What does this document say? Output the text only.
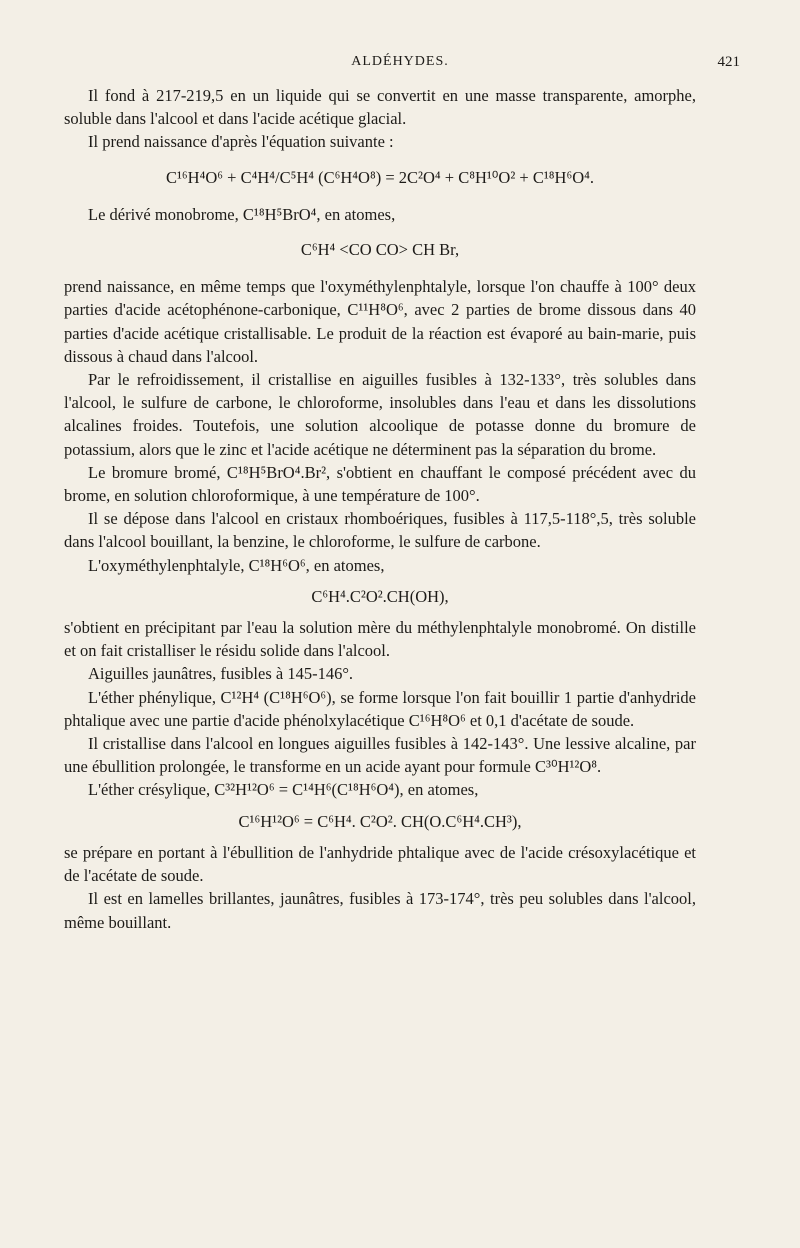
ALDÉHYDES.	421

Il fond à 217-219,5 en un liquide qui se convertit en une masse transparente, amorphe, soluble dans l'alcool et dans l'acide acétique glacial.

Il prend naissance d'après l'équation suivante :

C¹⁶H⁴O⁶ + C⁴H⁴/C⁵H⁴ (C⁶H⁴O⁸) = 2C²O⁴ + C⁸H¹⁰O² + C¹⁸H⁶O⁴.

Le dérivé monobrome, C¹⁸H⁵BrO⁴, en atomes,

C⁶H⁴ <CO CO> CH Br,

prend naissance, en même temps que l'oxyméthylenphtalyle, lorsque l'on chauffe à 100° deux parties d'acide acétophénone-carbonique, C¹¹H⁸O⁶, avec 2 parties de brome dissous dans 40 parties d'acide acétique cristallisable. Le produit de la réaction est évaporé au bain-marie, puis dissous à chaud dans l'alcool.

Par le refroidissement, il cristallise en aiguilles fusibles à 132-133°, très solubles dans l'alcool, le sulfure de carbone, le chloroforme, insolubles dans l'eau et dans les dissolutions alcalines froides. Toutefois, une solution alcoolique de potasse donne du bromure de potassium, alors que le zinc et l'acide acétique ne déterminent pas la séparation du brome.

Le bromure bromé, C¹⁸H⁵BrO⁴.Br², s'obtient en chauffant le composé précédent avec du brome, en solution chloroformique, à une température de 100°.

Il se dépose dans l'alcool en cristaux rhomboériques, fusibles à 117,5-118°,5, très soluble dans l'alcool bouillant, la benzine, le chloroforme, le sulfure de carbone.

L'oxyméthylenphtalyle, C¹⁸H⁶O⁶, en atomes,

C⁶H⁴.C²O².CH(OH),

s'obtient en précipitant par l'eau la solution mère du méthylenphtalyle monobromé. On distille et on fait cristalliser le résidu solide dans l'alcool.

Aiguilles jaunâtres, fusibles à 145-146°.

L'éther phénylique, C¹²H⁴ (C¹⁸H⁶O⁶), se forme lorsque l'on fait bouillir 1 partie d'anhydride phtalique avec une partie d'acide phénolxylacétique C¹⁶H⁸O⁶ et 0,1 d'acétate de soude.

Il cristallise dans l'alcool en longues aiguilles fusibles à 142-143°. Une lessive alcaline, par une ébullition prolongée, le transforme en un acide ayant pour formule C³⁰H¹²O⁸.

L'éther crésylique, C³²H¹²O⁶ = C¹⁴H⁶(C¹⁸H⁶O⁴), en atomes,

C¹⁶H¹²O⁶ = C⁶H⁴. C²O². CH(O.C⁶H⁴.CH³),

se prépare en portant à l'ébullition de l'anhydride phtalique avec de l'acide crésoxylacétique et de l'acétate de soude.

Il est en lamelles brillantes, jaunâtres, fusibles à 173-174°, très peu solubles dans l'alcool, même bouillant.
